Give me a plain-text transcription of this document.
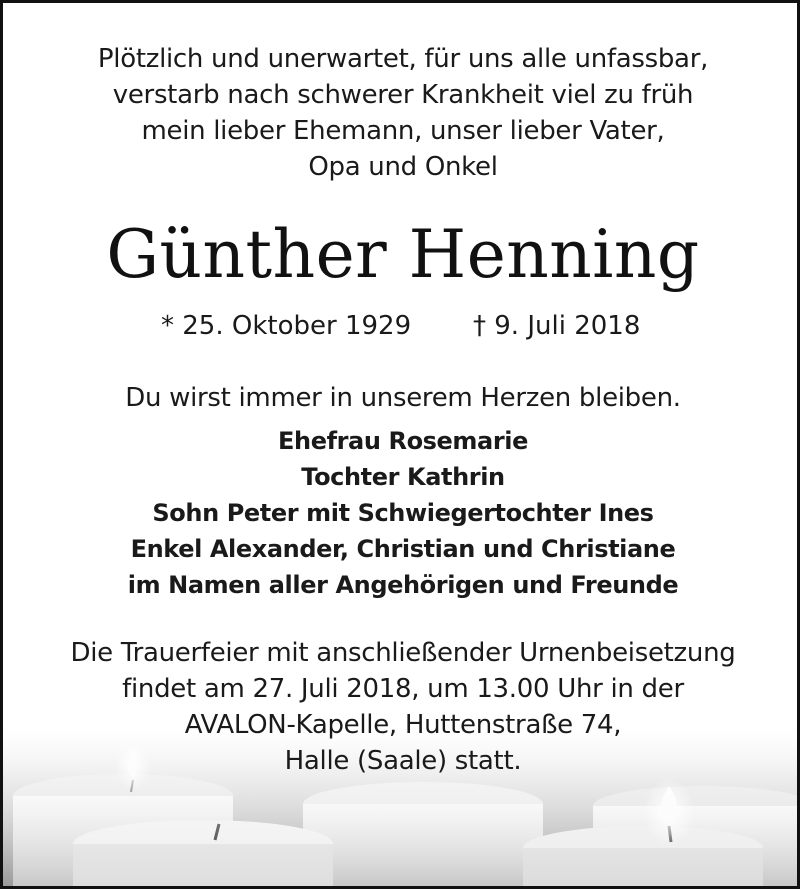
Plötzlich und unerwartet, für uns alle unfassbar,
verstarb nach schwerer Krankheit viel zu früh
mein lieber Ehemann, unser lieber Vater,
Opa und Onkel
Günther Henning
* 25. Oktober 1929 † 9. Juli 2018
Du wirst immer in unserem Herzen bleiben.
Ehefrau Rosemarie
Tochter Kathrin
Sohn Peter mit Schwiegertochter Ines
Enkel Alexander, Christian und Christiane
im Namen aller Angehörigen und Freunde
Die Trauerfeier mit anschließender Urnenbeisetzung
findet am 27. Juli 2018, um 13.00 Uhr in der
AVALON-Kapelle, Huttenstraße 74,
Halle (Saale) statt.
